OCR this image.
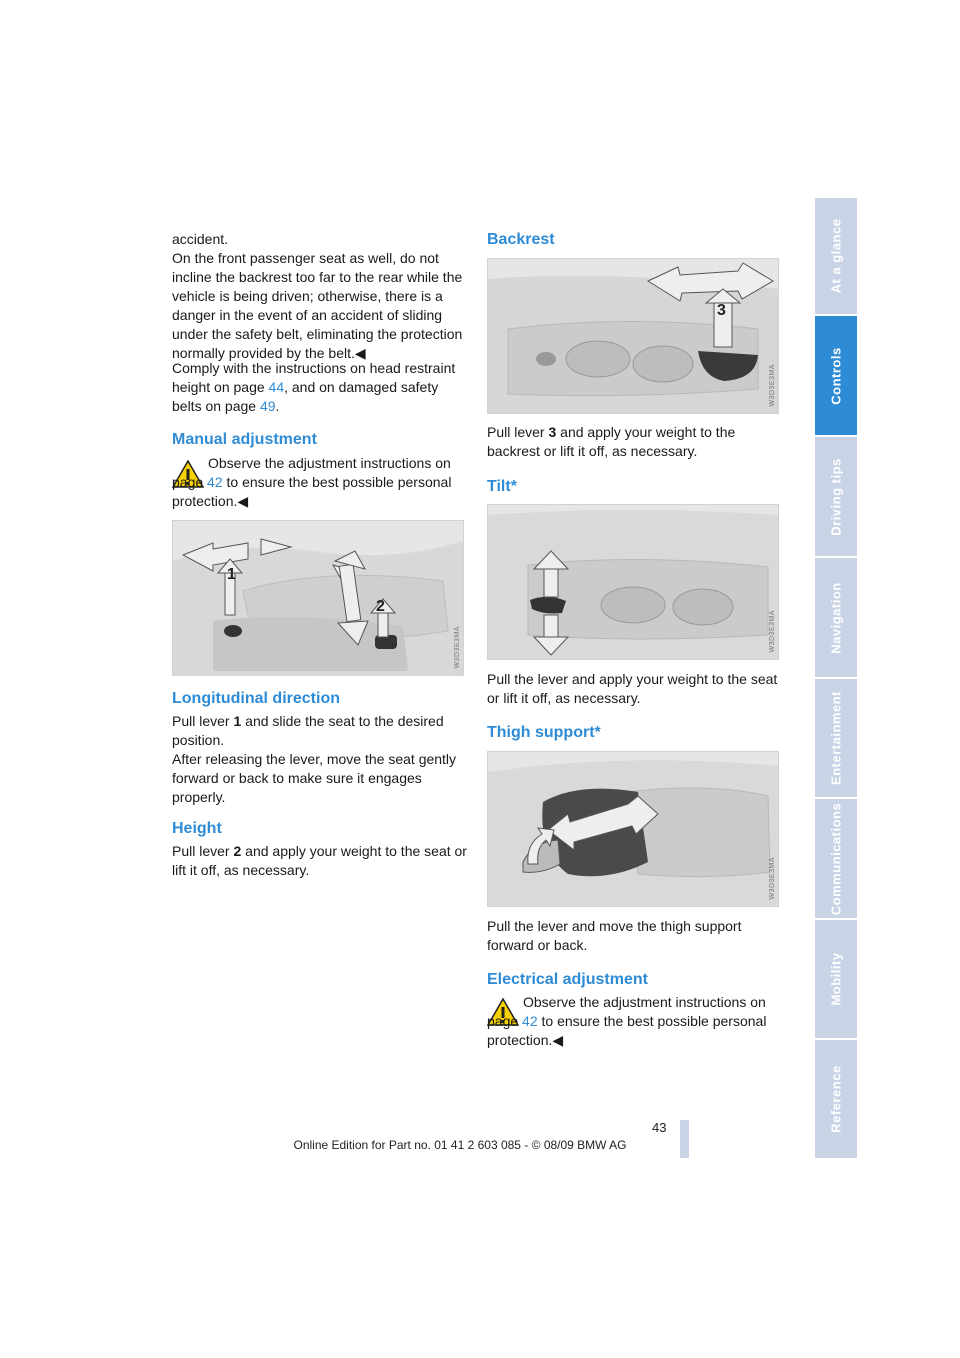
accident.
On the front passenger seat as well, do not incline the backrest too far to the rear while the vehicle is being driven; otherwise, there is a danger in the event of an accident of sliding under the safety belt, eliminating the protection normally provided by the belt.◀

Comply with the instructions on head restraint height on page 44, and on damaged safety belts on page 49.

Manual adjustment

Observe the adjustment instructions on page 42 to ensure the best possible personal protection.◀

1
2
W3D3E3MA
Longitudinal direction

Pull lever 1 and slide the seat to the desired position.
After releasing the lever, move the seat gently forward or back to make sure it engages properly.

Height

Pull lever 2 and apply your weight to the seat or lift it off, as necessary.

Backrest
3
W3D3E3MA

Pull lever 3 and apply your weight to the backrest or lift it off, as necessary.

Tilt*
W3D3E3MA

Pull the lever and apply your weight to the seat or lift it off, as necessary.

Thigh support*
W3D3E3MA

Pull the lever and move the thigh support forward or back.

Electrical adjustment

Observe the adjustment instructions on page 42 to ensure the best possible personal protection.◀

At a glance
Controls
Driving tips
Navigation
Entertainment
Communications
Mobility
Reference
43
Online Edition for Part no. 01 41 2 603 085 - © 08/09 BMW AG
